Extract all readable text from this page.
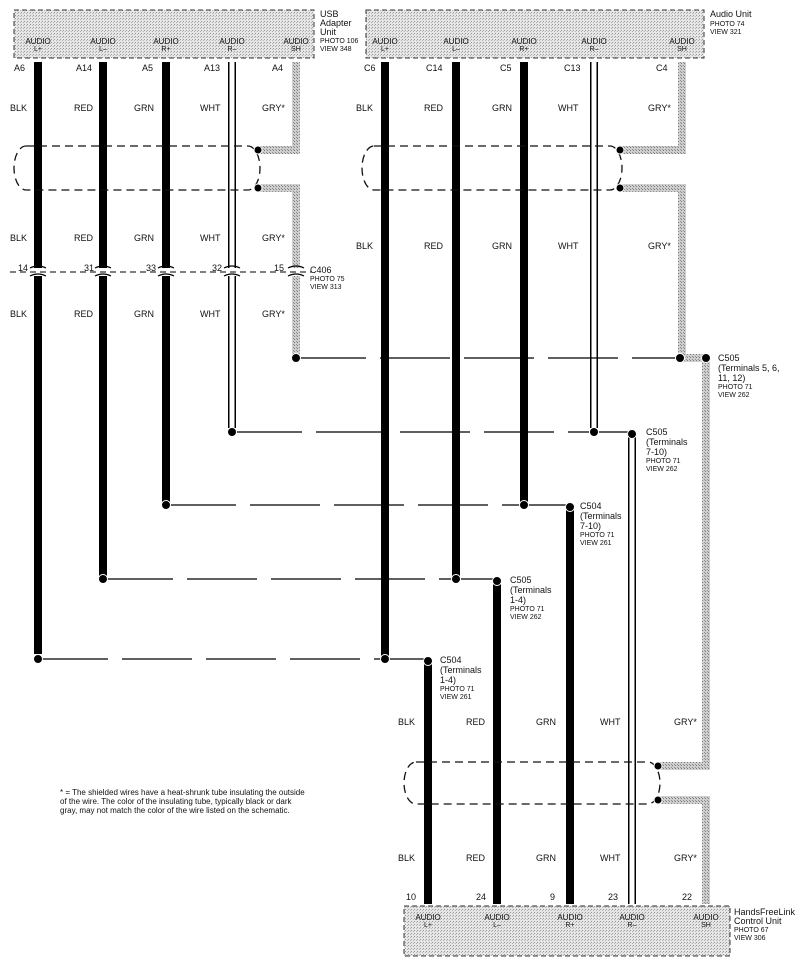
AUDIO
L+
AUDIO
L–
AUDIO
R+
AUDIO
R–
AUDIO
SH
USB
Adapter
Unit
PHOTO 106
VIEW 348
A6	A14	A5	A13	A4
BLK	RED	GRN	WHT	GRY*
BLK	RED	GRN	WHT	GRY*
14	31	33	32	15	C406
PHOTO 75
VIEW 313
BLK	RED	GRN	WHT	GRY*
AUDIO
L+
AUDIO
L–
AUDIO
R+
AUDIO
R–
AUDIO
SH
Audio Unit
PHOTO 74
VIEW 321
C6	C14	C5	C13	C4
BLK	RED	GRN	WHT	GRY*
BLK	RED	GRN	WHT	GRY*
C505
(Terminals 5, 6,
11, 12)
PHOTO 71
VIEW 262
C505
(Terminals
7-10)
PHOTO 71
VIEW 262
C504
(Terminals
7-10)
PHOTO 71
VIEW 261
C505
(Terminals
1-4)
PHOTO 71
VIEW 262
C504
(Terminals
1-4)
PHOTO 71
VIEW 261
BLK	RED	GRN	WHT	GRY*
* = The shielded wires have a heat-shrunk tube insulating the outside of the wire. The color of the insulating tube, typically black or dark gray, may not match the color of the wire listed on the schematic.
BLK	RED	GRN	WHT	GRY*
10	24	9	23	22
AUDIO
L+
AUDIO
L–
AUDIO
R+
AUDIO
R–
AUDIO
SH
HandsFreeLink
Control Unit
PHOTO 67
VIEW 306
